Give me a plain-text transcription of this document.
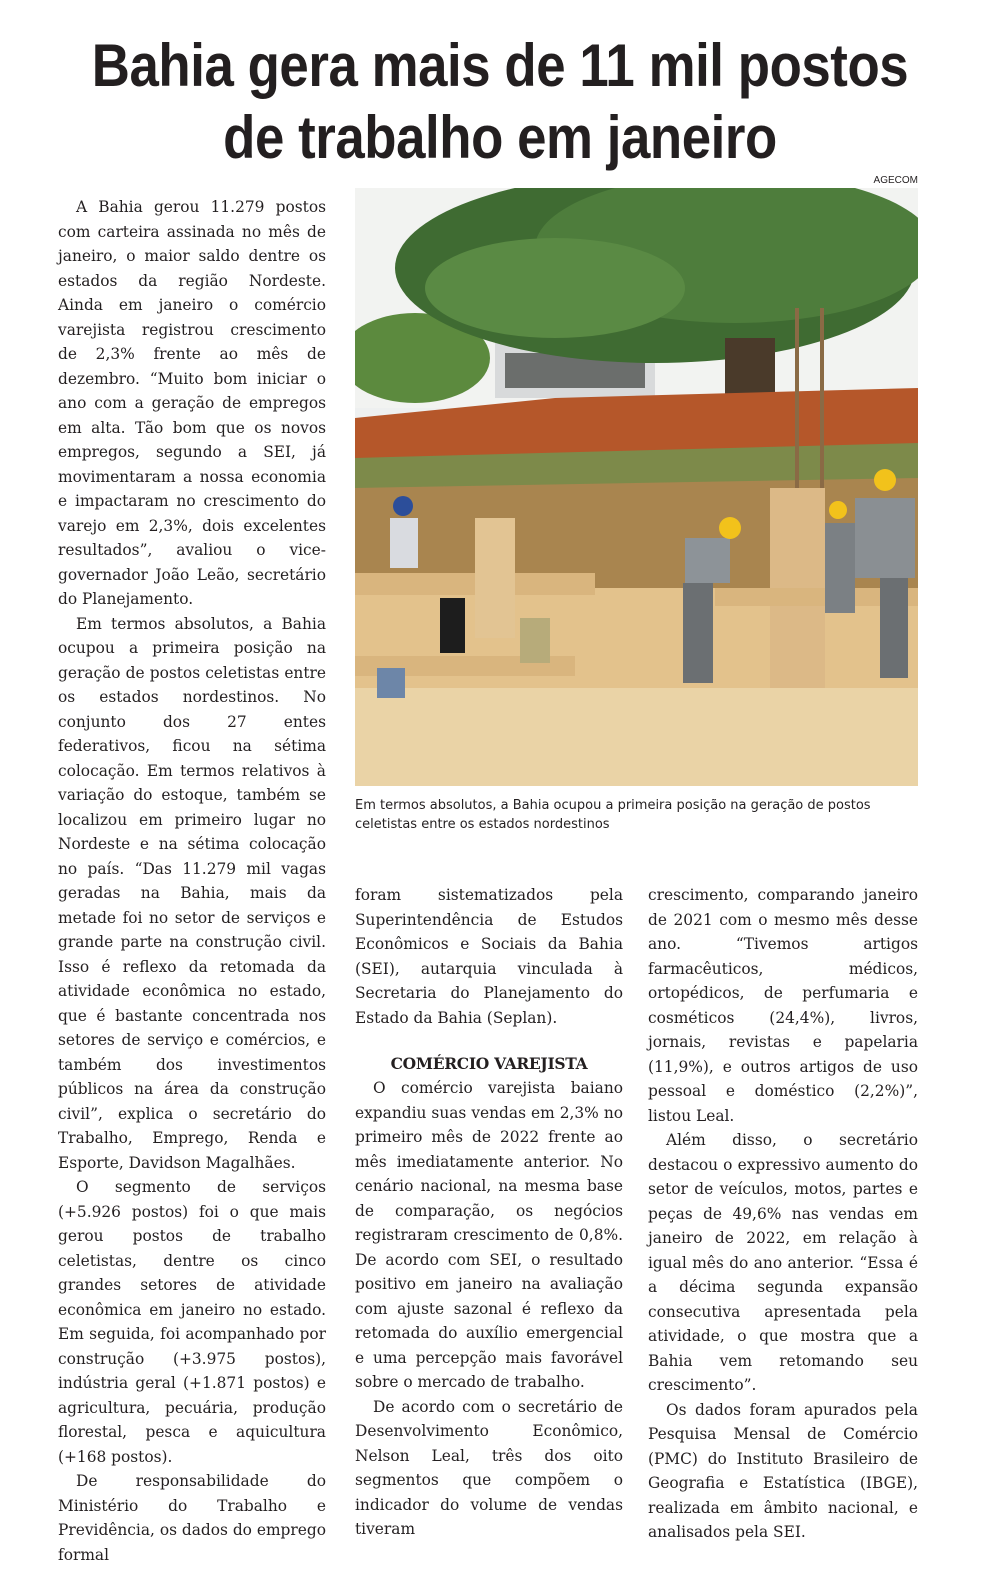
Bahia gera mais de 11 mil postos
de trabalho em janeiro
AGECOM
Em termos absolutos, a Bahia ocupou a primeira posição na geração de postos celetistas entre os estados nordestinos

A Bahia gerou 11.279 postos com carteira assinada no mês de janeiro, o maior saldo dentre os estados da região Nordeste. Ainda em janeiro o comércio varejista registrou crescimento de 2,3% frente ao mês de dezembro. “Muito bom iniciar o ano com a geração de empregos em alta. Tão bom que os novos empregos, segundo a SEI, já movimentaram a nossa economia e impactaram no crescimento do varejo em 2,3%, dois excelentes resultados”, avaliou o vice-governador João Leão, secretário do Planejamento.

Em termos absolutos, a Bahia ocupou a primeira posição na geração de postos celetistas entre os estados nordestinos. No conjunto dos 27 entes federativos, ficou na sétima colocação. Em termos relativos à variação do estoque, também se localizou em primeiro lugar no Nordeste e na sétima colocação no país. “Das 11.279 mil vagas geradas na Bahia, mais da metade foi no setor de serviços e grande parte na construção civil. Isso é reflexo da retomada da atividade econômica no estado, que é bastante concentrada nos setores de serviço e comércios, e também dos investimentos públicos na área da construção civil”, explica o secretário do Trabalho, Emprego, Renda e Esporte, Davidson Magalhães.

O segmento de serviços (+5.926 postos) foi o que mais gerou postos de trabalho celetistas, dentre os cinco grandes setores de atividade econômica em janeiro no estado. Em seguida, foi acompanhado por construção (+3.975 postos), indústria geral (+1.871 postos) e agricultura, pecuária, produção florestal, pesca e aquicultura (+168 postos).

De responsabilidade do Ministério do Trabalho e Previdência, os dados do emprego formal

foram sistematizados pela Superintendência de Estudos Econômicos e Sociais da Bahia (SEI), autarquia vinculada à Secretaria do Planejamento do Estado da Bahia (Seplan).

COMÉRCIO VAREJISTA

O comércio varejista baiano expandiu suas vendas em 2,3% no primeiro mês de 2022 frente ao mês imediatamente anterior. No cenário nacional, na mesma base de comparação, os negócios registraram crescimento de 0,8%. De acordo com SEI, o resultado positivo em janeiro na avaliação com ajuste sazonal é reflexo da retomada do auxílio emergencial e uma percepção mais favorável sobre o mercado de trabalho.

De acordo com o secretário de Desenvolvimento Econômico, Nelson Leal, três dos oito segmentos que compõem o indicador do volume de vendas tiveram

crescimento, comparando janeiro de 2021 com o mesmo mês desse ano. “Tivemos artigos farmacêuticos, médicos, ortopédicos, de perfumaria e cosméticos (24,4%), livros, jornais, revistas e papelaria (11,9%), e outros artigos de uso pessoal e doméstico (2,2%)”, listou Leal.

Além disso, o secretário destacou o expressivo aumento do setor de veículos, motos, partes e peças de 49,6% nas vendas em janeiro de 2022, em relação à igual mês do ano anterior. “Essa é a décima segunda expansão consecutiva apresentada pela atividade, o que mostra que a Bahia vem retomando seu crescimento”.

Os dados foram apurados pela Pesquisa Mensal de Comércio (PMC) do Instituto Brasileiro de Geografia e Estatística (IBGE), realizada em âmbito nacional, e analisados pela SEI.
